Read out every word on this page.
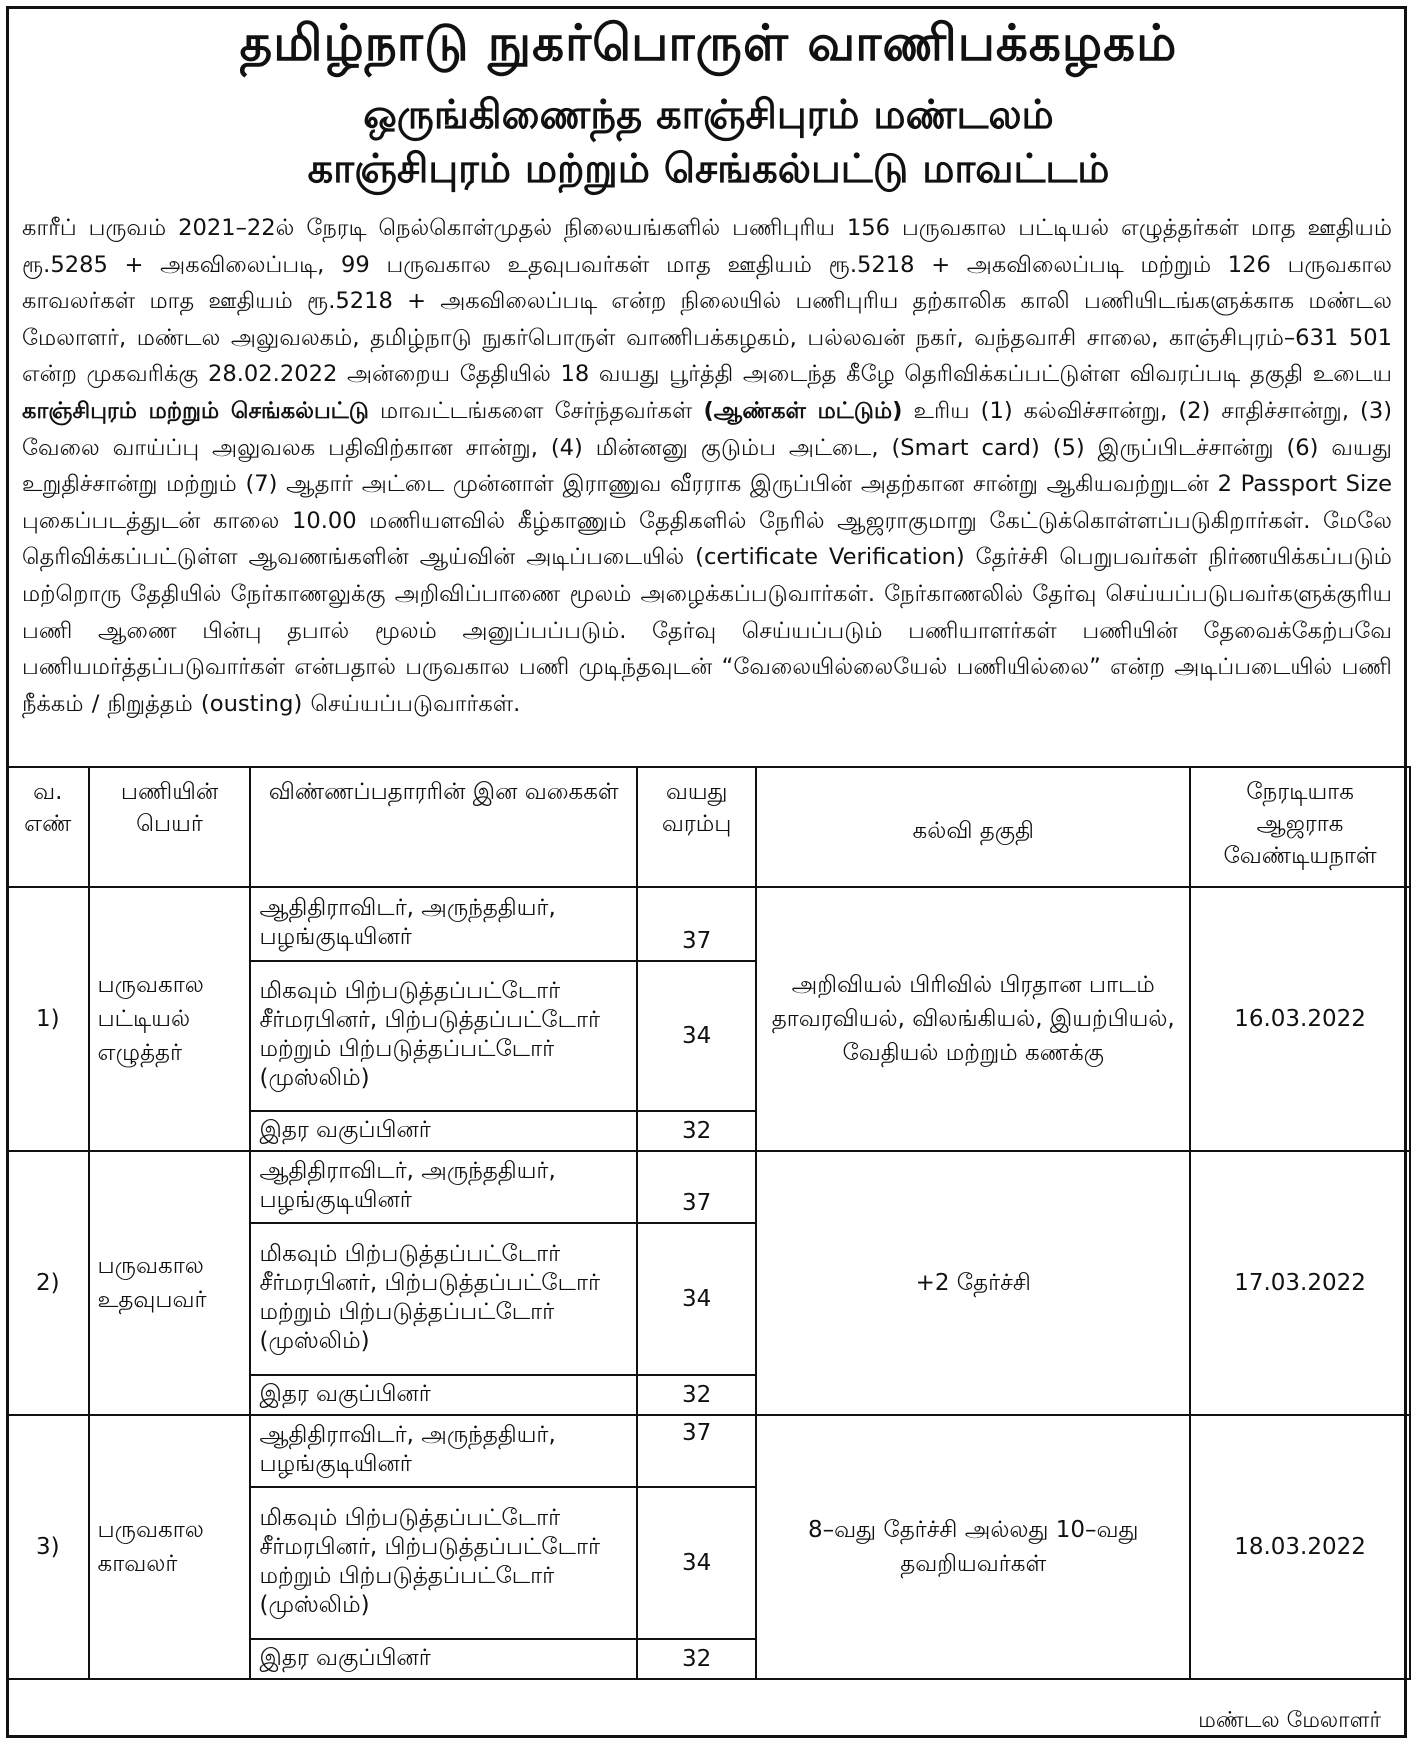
தமிழ்நாடு நுகர்பொருள் வாணிபக்கழகம்
ஒருங்கிணைந்த காஞ்சிபுரம் மண்டலம்
காஞ்சிபுரம் மற்றும் செங்கல்பட்டு மாவட்டம்
காரீப் பருவம் 2021–22ல் நேரடி நெல்கொள்முதல் நிலையங்களில் பணிபுரிய 156 பருவகால பட்டியல் எழுத்தர்கள் மாத ஊதியம் ரூ.5285 + அகவிலைப்படி, 99 பருவகால உதவுபவர்கள் மாத ஊதியம் ரூ.5218 + அகவிலைப்படி மற்றும் 126 பருவகால காவலர்கள் மாத ஊதியம் ரூ.5218 + அகவிலைப்படி என்ற நிலையில் பணிபுரிய தற்காலிக காலி பணியிடங்களுக்காக மண்டல மேலாளர், மண்டல அலுவலகம், தமிழ்நாடு நுகர்பொருள் வாணிபக்கழகம், பல்லவன் நகர், வந்தவாசி சாலை, காஞ்சிபுரம்–631 501 என்ற முகவரிக்கு 28.02.2022 அன்றைய தேதியில் 18 வயது பூர்த்தி அடைந்த கீழே தெரிவிக்கப்பட்டுள்ள விவரப்படி தகுதி உடைய காஞ்சிபுரம் மற்றும் செங்கல்பட்டு மாவட்டங்களை சேர்ந்தவர்கள் (ஆண்கள் மட்டும்) உரிய (1) கல்விச்சான்று, (2) சாதிச்சான்று, (3) வேலை வாய்ப்பு அலுவலக பதிவிற்கான சான்று, (4) மின்னனு குடும்ப அட்டை, (Smart card) (5) இருப்பிடச்சான்று (6) வயது உறுதிச்சான்று மற்றும் (7) ஆதார் அட்டை முன்னாள் இராணுவ வீரராக இருப்பின் அதற்கான சான்று ஆகியவற்றுடன் 2 Passport Size புகைப்படத்துடன் காலை 10.00 மணியளவில் கீழ்காணும் தேதிகளில் நேரில் ஆஜராகுமாறு கேட்டுக்கொள்ளப்படுகிறார்கள். மேலே தெரிவிக்கப்பட்டுள்ள ஆவணங்களின் ஆய்வின் அடிப்படையில் (certificate Verification) தேர்ச்சி பெறுபவர்கள் நிர்ணயிக்கப்படும் மற்றொரு தேதியில் நேர்காணலுக்கு அறிவிப்பாணை மூலம் அழைக்கப்படுவார்கள். நேர்காணலில் தேர்வு செய்யப்படுபவர்களுக்குரிய பணி ஆணை பின்பு தபால் மூலம் அனுப்பப்படும். தேர்வு செய்யப்படும் பணியாளர்கள் பணியின் தேவைக்கேற்பவே பணியமர்த்தப்படுவார்கள் என்பதால் பருவகால பணி முடிந்தவுடன் “வேலையில்லையேல் பணியில்லை” என்ற அடிப்படையில் பணி நீக்கம் / நிறுத்தம் (ousting) செய்யப்படுவார்கள்.
வ. எண்	பணியின் பெயர்	விண்ணப்பதாரரின் இன வகைகள்	வயது வரம்பு	கல்வி தகுதி	நேரடியாக ஆஜராக வேண்டியநாள்
1)	பருவகால பட்டியல் எழுத்தர்	ஆதிதிராவிடர், அருந்ததியர், பழங்குடியினர்	37	அறிவியல் பிரிவில் பிரதான பாடம் தாவரவியல், விலங்கியல், இயற்பியல், வேதியல் மற்றும் கணக்கு	16.03.2022
		மிகவும் பிற்படுத்தப்பட்டோர் சீர்மரபினர், பிற்படுத்தப்பட்டோர் மற்றும் பிற்படுத்தப்பட்டோர் (முஸ்லிம்)	34		
		இதர வகுப்பினர்	32		
2)	பருவகால உதவுபவர்	ஆதிதிராவிடர், அருந்ததியர், பழங்குடியினர்	37	+2 தேர்ச்சி	17.03.2022
		மிகவும் பிற்படுத்தப்பட்டோர் சீர்மரபினர், பிற்படுத்தப்பட்டோர் மற்றும் பிற்படுத்தப்பட்டோர் (முஸ்லிம்)	34		
		இதர வகுப்பினர்	32		
3)	பருவகால காவலர்	ஆதிதிராவிடர், அருந்ததியர், பழங்குடியினர்	37	8–வது தேர்ச்சி அல்லது 10–வது தவறியவர்கள்	18.03.2022
		மிகவும் பிற்படுத்தப்பட்டோர் சீர்மரபினர், பிற்படுத்தப்பட்டோர் மற்றும் பிற்படுத்தப்பட்டோர் (முஸ்லிம்)	34		
		இதர வகுப்பினர்	32		
மண்டல மேலாளர்
